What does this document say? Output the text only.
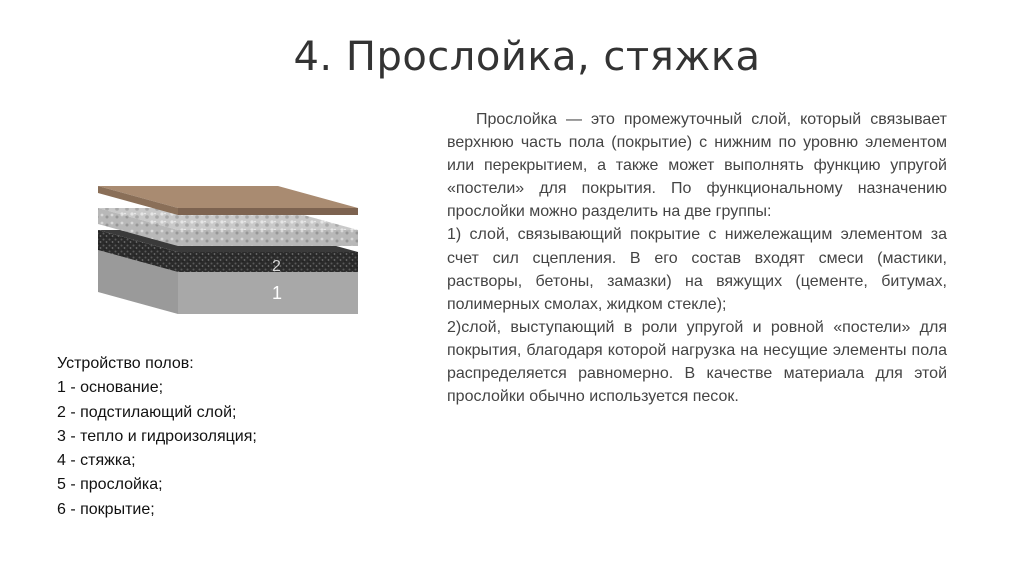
4. Прослойка, стяжка
1
2

Устройство полов:

1 - основание;

2 - подстилающий слой;

3 - тепло и гидроизоляция;

4 - стяжка;

5 - прослойка;

6 - покрытие;

Прослойка — это промежуточный слой, который связывает верхнюю часть пола (покрытие) с нижним по уровню элементом или перекрытием, а также может выполнять функцию упругой «постели» для покрытия. По функциональному назначению прослойки можно разделить на две группы:

1) слой, связывающий покрытие с нижележащим элементом за счет сил сцепления. В его состав входят смеси (мастики, растворы, бетоны, замазки) на вяжущих (цементе, битумах, полимерных смолах, жидком стекле);

2)слой, выступающий в роли упругой и ровной «постели» для покрытия, благодаря которой нагрузка на несущие элементы пола распределяется равномерно. В качестве материала для этой прослойки обычно используется песок.
